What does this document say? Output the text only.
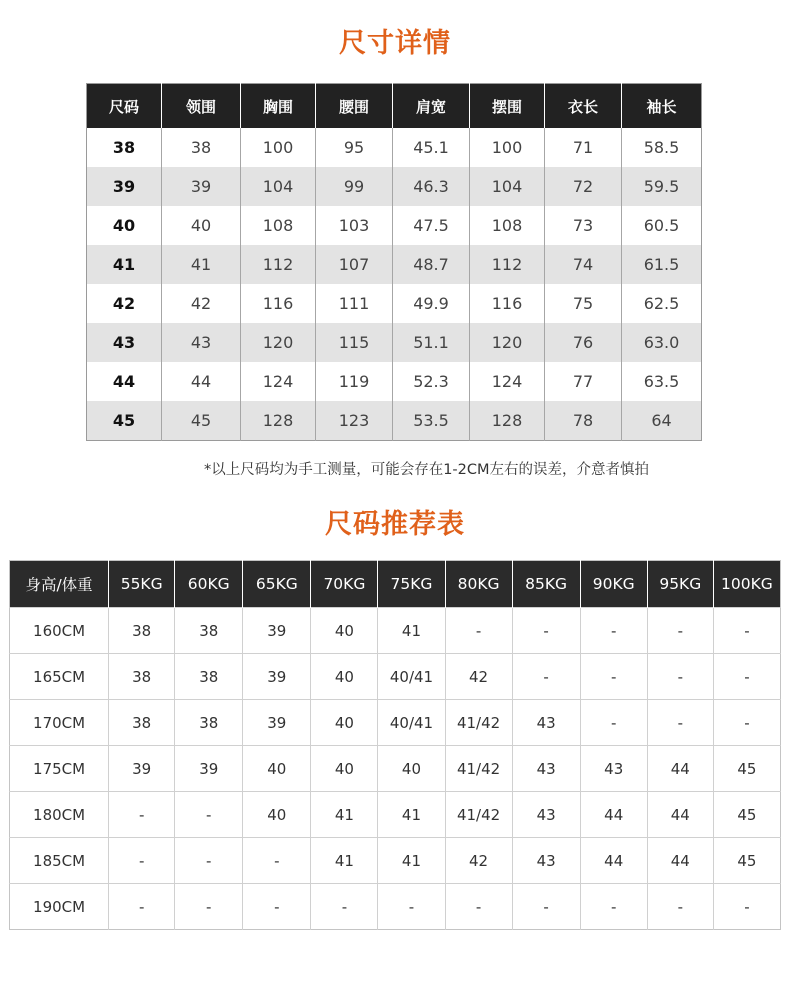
尺寸详情
尺码	领围	胸围	腰围	肩宽	摆围	衣长	袖长
38	38	100	95	45.1	100	71	58.5
39	39	104	99	46.3	104	72	59.5
40	40	108	103	47.5	108	73	60.5
41	41	112	107	48.7	112	74	61.5
42	42	116	111	49.9	116	75	62.5
43	43	120	115	51.1	120	76	63.0
44	44	124	119	52.3	124	77	63.5
45	45	128	123	53.5	128	78	64
*以上尺码均为手工测量，可能会存在1-2CM左右的误差，介意者慎拍
尺码推荐表
身高/体重	55KG	60KG	65KG	70KG	75KG	80KG	85KG	90KG	95KG	100KG
160CM	38	38	39	40	41	-	-	-	-	-
165CM	38	38	39	40	40/41	42	-	-	-	-
170CM	38	38	39	40	40/41	41/42	43	-	-	-
175CM	39	39	40	40	40	41/42	43	43	44	45
180CM	-	-	40	41	41	41/42	43	44	44	45
185CM	-	-	-	41	41	42	43	44	44	45
190CM	-	-	-	-	-	-	-	-	-	-
